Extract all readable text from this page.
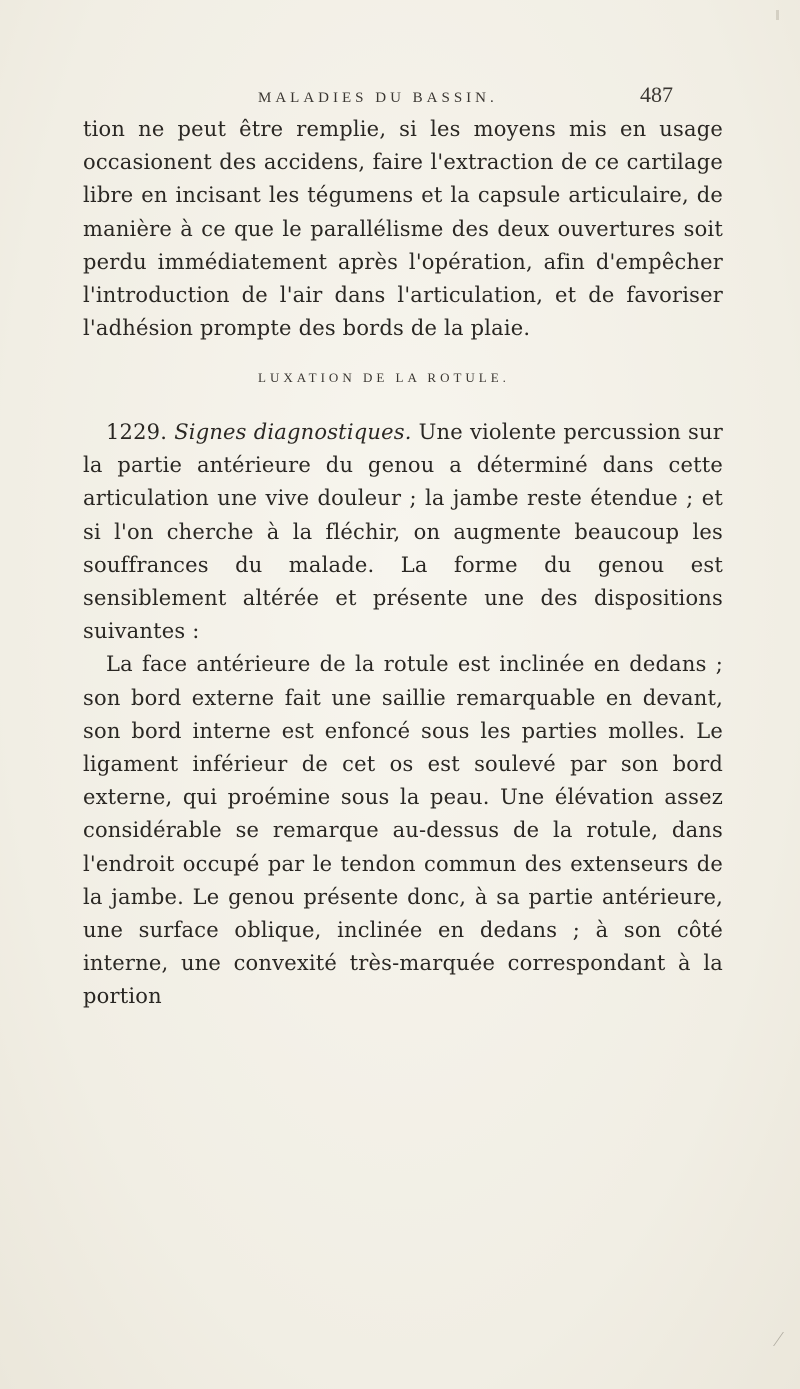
MALADIES DU BASSIN.	487
tion ne peut être remplie, si les moyens mis en usage occasionent des accidens, faire l'extraction de ce cartilage libre en incisant les tégumens et la capsule articulaire, de manière à ce que le parallélisme des deux ouvertures soit perdu immédiatement après l'opération, afin d'empêcher l'introduction de l'air dans l'articulation, et de favoriser l'adhésion prompte des bords de la plaie.
LUXATION DE LA ROTULE.
1229. Signes diagnostiques. Une violente percussion sur la partie antérieure du genou a déterminé dans cette articulation une vive douleur ; la jambe reste étendue ; et si l'on cherche à la fléchir, on augmente beaucoup les souffrances du malade. La forme du genou est sensiblement altérée et présente une des dispositions suivantes :
La face antérieure de la rotule est inclinée en dedans ; son bord externe fait une saillie remarquable en devant, son bord interne est enfoncé sous les parties molles. Le ligament inférieur de cet os est soulevé par son bord externe, qui proémine sous la peau. Une élévation assez considérable se remarque au-dessus de la rotule, dans l'endroit occupé par le tendon commun des extenseurs de la jambe. Le genou présente donc, à sa partie antérieure, une surface oblique, inclinée en dedans ; à son côté interne, une convexité très-marquée correspondant à la portion
